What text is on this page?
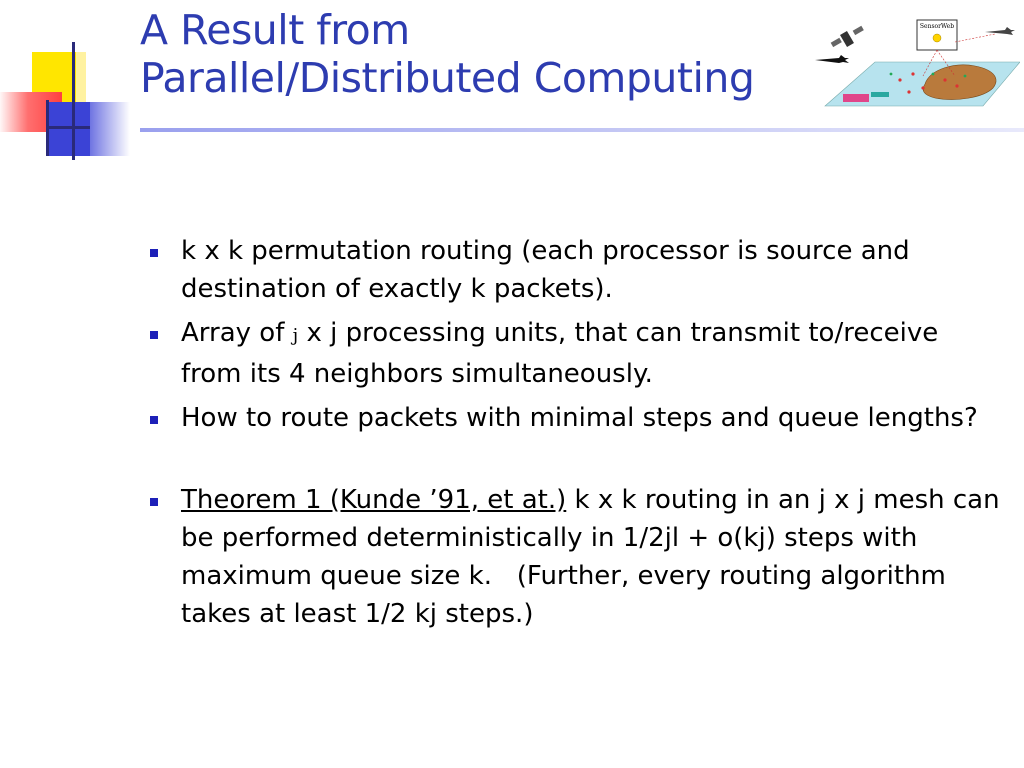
A Result from
Parallel/Distributed Computing
SensorWeb
k x k permutation routing (each processor is source and destination of exactly k packets).
Array of j x j processing units, that can transmit to/receive from its 4 neighbors simultaneously.
How to route packets with minimal steps and queue lengths?
Theorem 1 (Kunde ’91, et at.) k x k routing in an j x j mesh can be performed deterministically in 1/2jl + o(kj) steps with maximum queue size k.   (Further, every routing algorithm takes at least 1/2 kj steps.)
